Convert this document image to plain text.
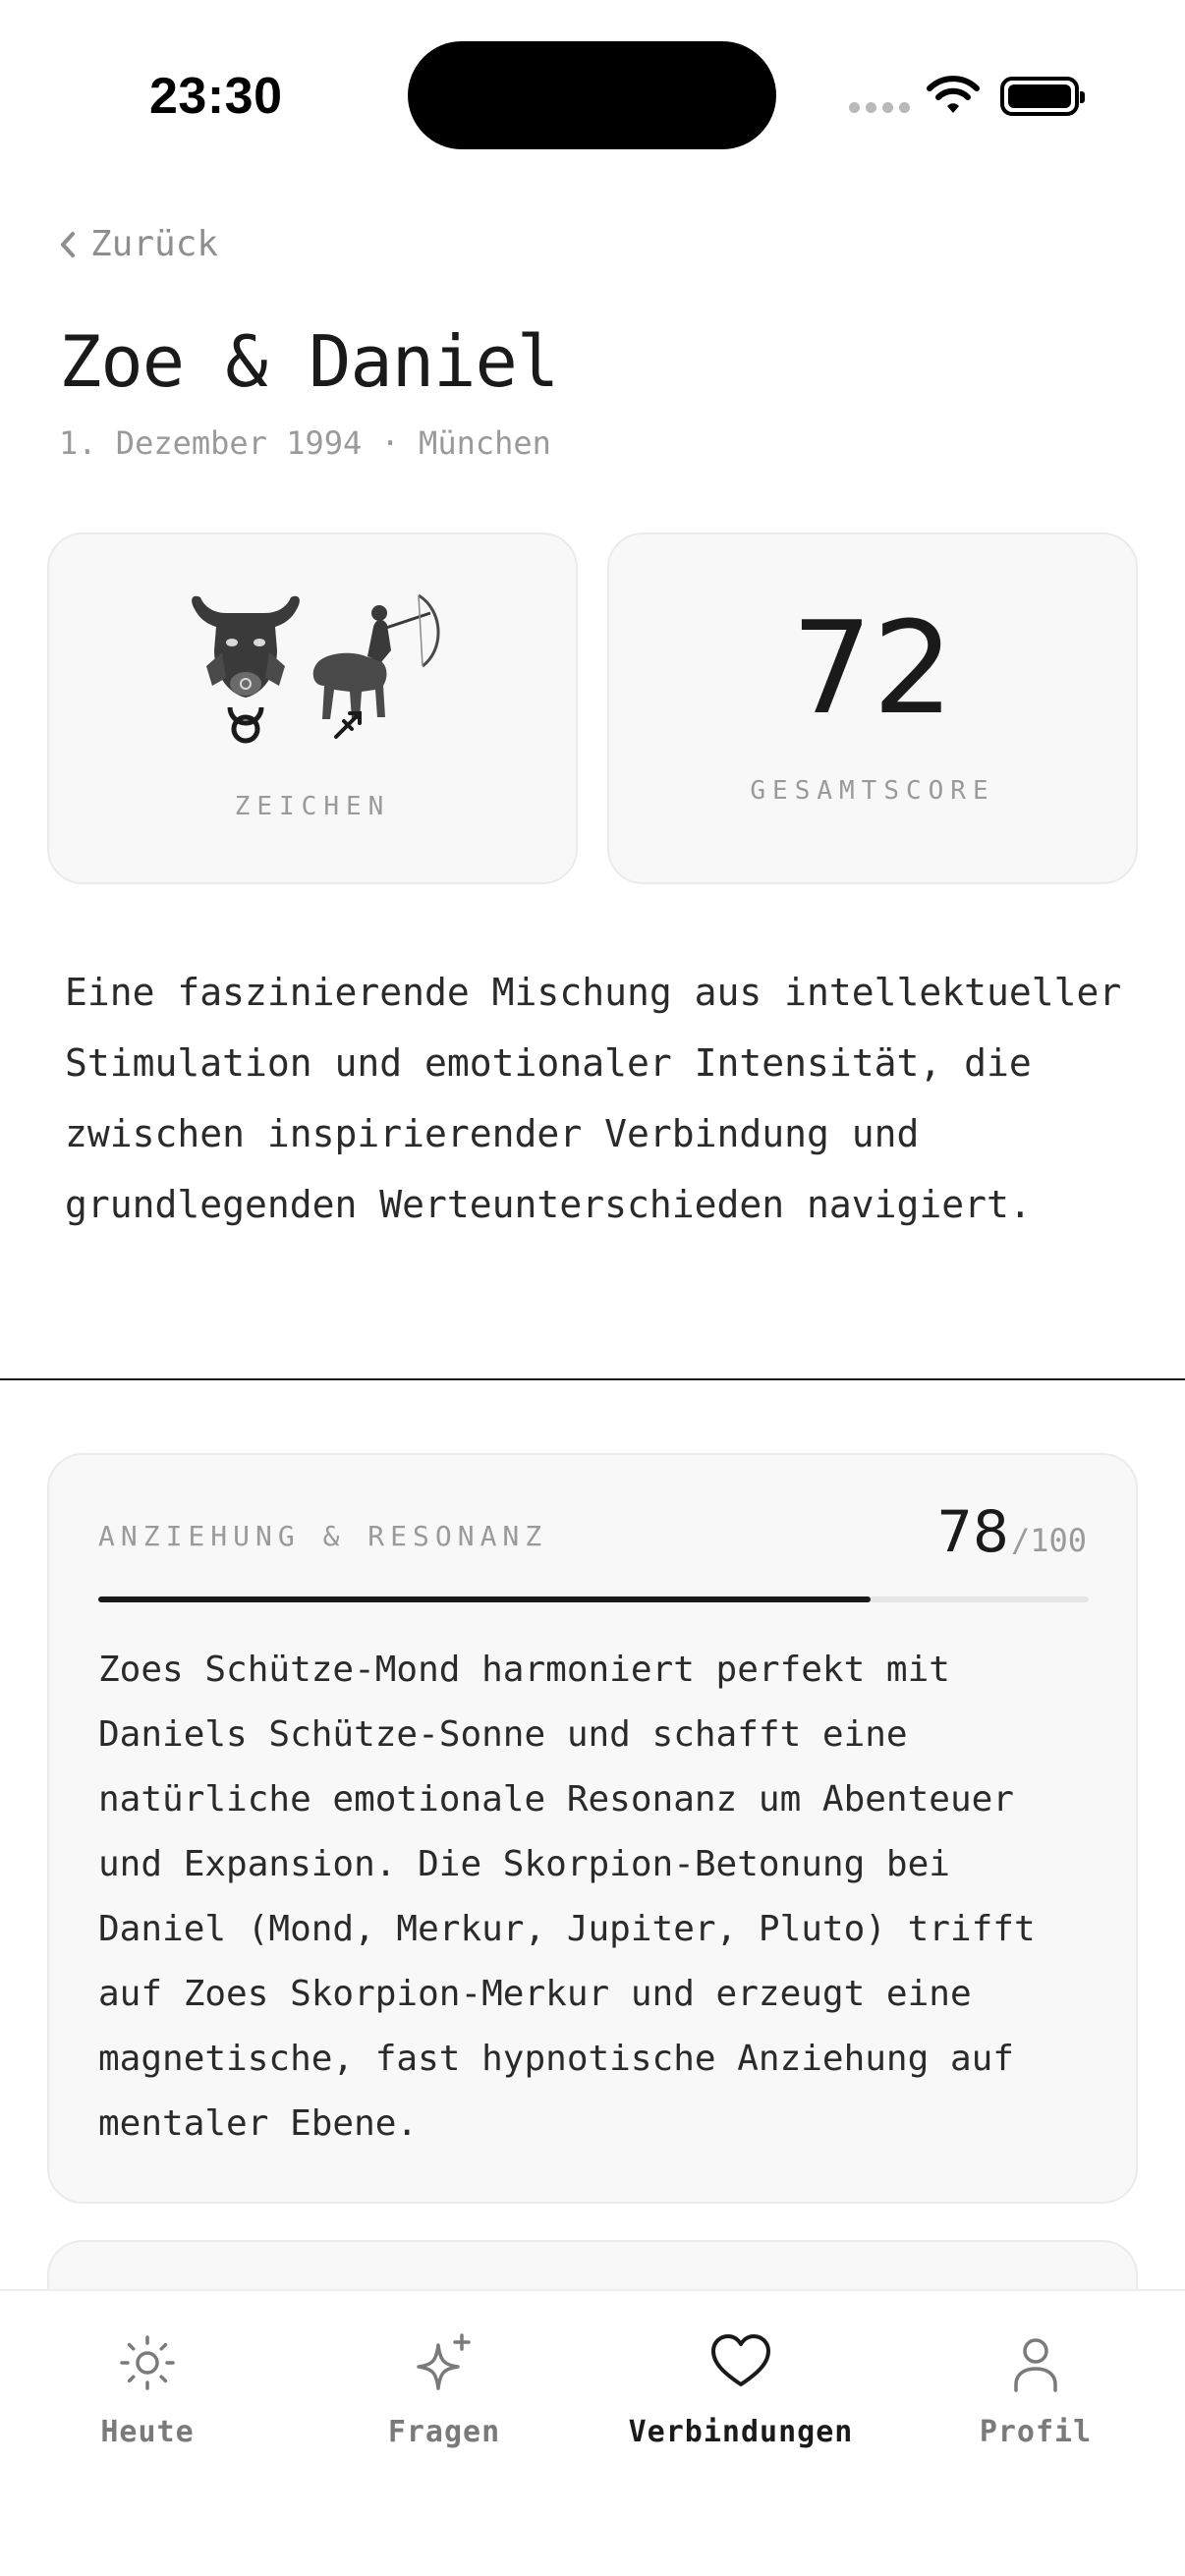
23:30
Zurück
Zoe & Daniel
1. Dezember 1994 · München
ZEICHEN
72
GESAMTSCORE
Eine faszinierende Mischung aus intellektueller Stimulation und emotionaler Intensität, die zwischen inspirierender Verbindung und grundlegenden Werteunterschieden navigiert.
ANZIEHUNG & RESONANZ	78 /100
Zoes Schütze-Mond harmoniert perfekt mit Daniels Schütze-Sonne und schafft eine natürliche emotionale Resonanz um Abenteuer und Expansion. Die Skorpion-Betonung bei Daniel (Mond, Merkur, Jupiter, Pluto) trifft auf Zoes Skorpion-Merkur und erzeugt eine magnetische, fast hypnotische Anziehung auf mentaler Ebene.
Heute	Fragen	Verbindungen	Profil
